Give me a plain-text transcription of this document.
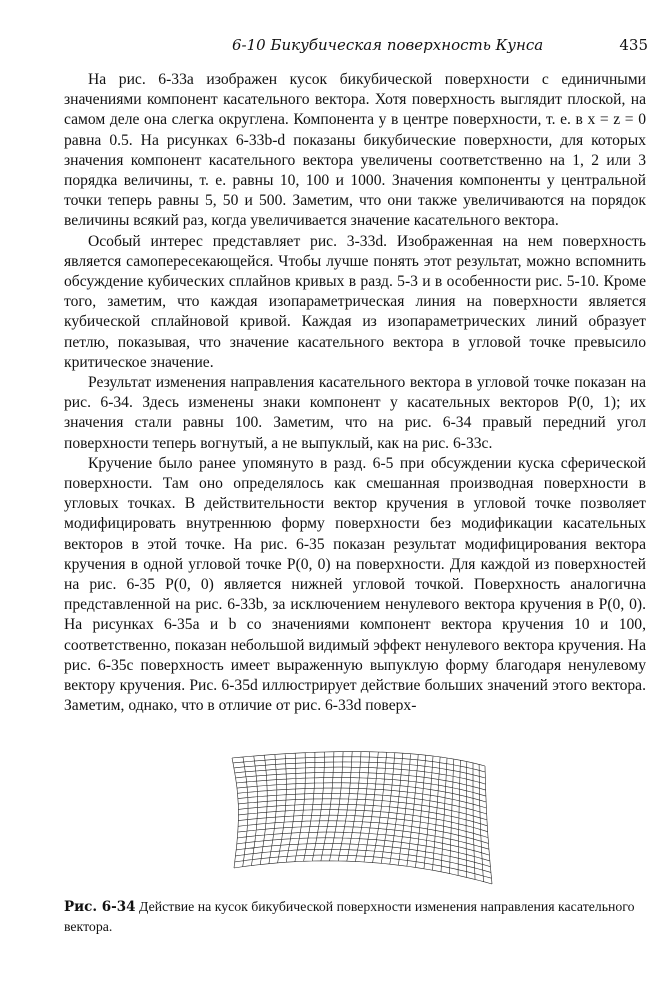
6-10 Бикубическая поверхность Кунса	435

На рис. 6-33a изображен кусок бикубической поверхности с единичными значениями компонент касательного вектора. Хотя поверхность выглядит плоской, на самом деле она слегка округлена. Компонента y в центре поверхности, т. е. в x = z = 0 равна 0.5. На рисунках 6-33b-d показаны бикубические поверхности, для которых значения компонент касательного вектора увеличены соответственно на 1, 2 или 3 порядка величины, т. е. равны 10, 100 и 1000. Значения компоненты у центральной точки теперь равны 5, 50 и 500. Заметим, что они также увеличиваются на порядок величины всякий раз, когда увеличивается значение касательного вектора.

Особый интерес представляет рис. 3-33d. Изображенная на нем поверхность является самопересекающейся. Чтобы лучше понять этот результат, можно вспомнить обсуждение кубических сплайнов кривых в разд. 5-3 и в особенности рис. 5-10. Кроме того, заметим, что каждая изопараметрическая линия на поверхности является кубической сплайновой кривой. Каждая из изопараметрических линий образует петлю, показывая, что значение касательного вектора в угловой точке превысило критическое значение.

Результат изменения направления касательного вектора в угловой точке показан на рис. 6-34. Здесь изменены знаки компонент у касательных векторов P(0, 1); их значения стали равны 100. Заметим, что на рис. 6-34 правый передний угол поверхности теперь вогнутый, а не выпуклый, как на рис. 6-33c.

Кручение было ранее упомянуто в разд. 6-5 при обсуждении куска сферической поверхности. Там оно определялось как смешанная производная поверхности в угловых точках. В действительности вектор кручения в угловой точке позволяет модифицировать внутреннюю форму поверхности без модификации касательных векторов в этой точке. На рис. 6-35 показан результат модифицирования вектора кручения в одной угловой точке P(0, 0) на поверхности. Для каждой из поверхностей на рис. 6-35 P(0, 0) является нижней угловой точкой. Поверхность аналогична представленной на рис. 6-33b, за исключением ненулевого вектора кручения в P(0, 0). На рисунках 6-35a и b со значениями компонент вектора кручения 10 и 100, соответственно, показан небольшой видимый эффект ненулевого вектора кручения. На рис. 6-35c поверхность имеет выраженную выпуклую форму благодаря ненулевому вектору кручения. Рис. 6-35d иллюстрирует действие больших значений этого вектора. Заметим, однако, что в отличие от рис. 6-33d поверх-

Рис. 6-34 Действие на кусок бикубической поверхности изменения направления касательного вектора.
